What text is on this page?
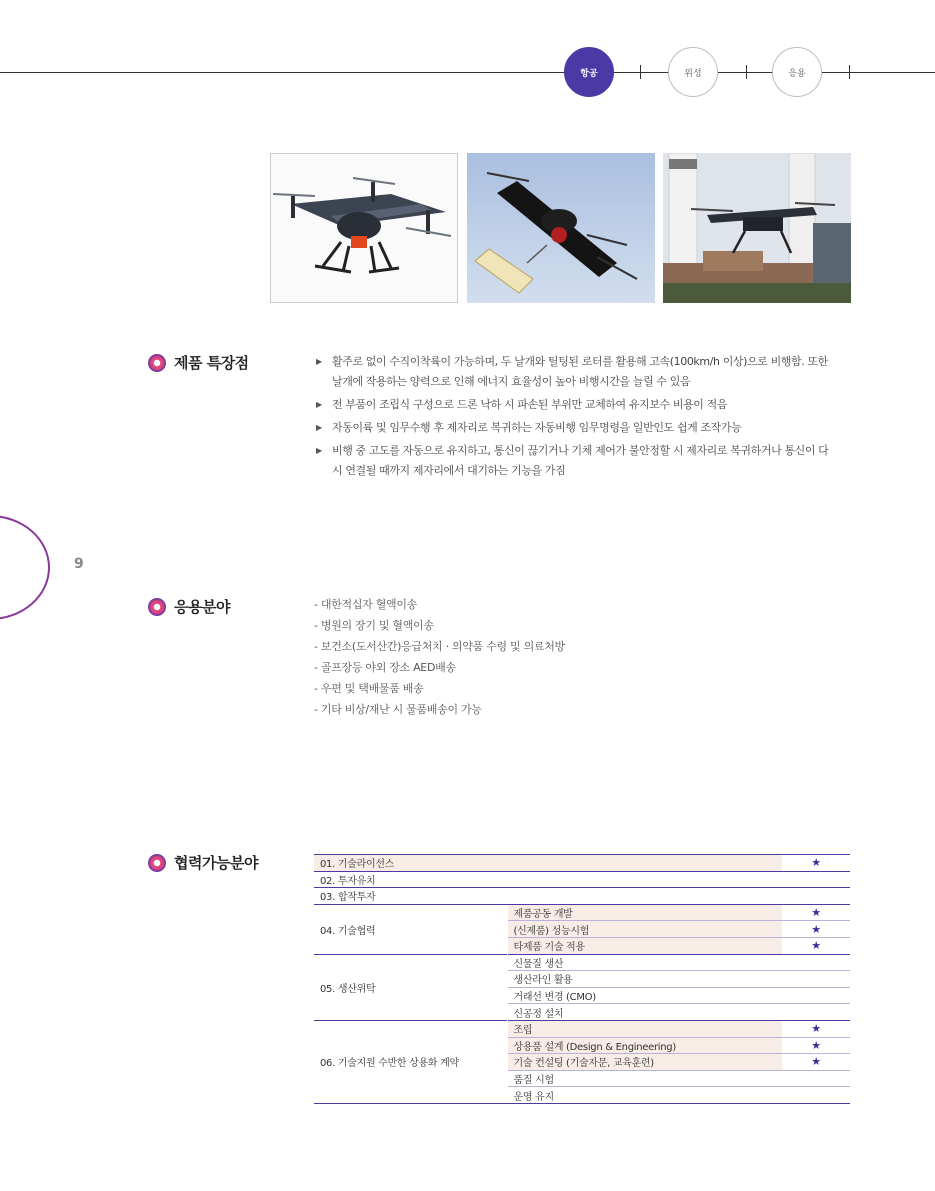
항공	위성	응용
9
제품 특장점	▶ 활주로 없이 수직이착륙이 가능하며, 두 날개와 틸팅된 로터를 활용해 고속(100km/h 이상)으로 비행함. 또한 날개에 작용하는 양력으로 인해 에너지 효율성이 높아 비행시간을 늘릴 수 있음
▶ 전 부품이 조립식 구성으로 드론 낙하 시 파손된 부위만 교체하여 유지보수 비용이 적음
▶ 자동이륙 및 임무수행 후 제자리로 복귀하는 자동비행 임무명령을 일반인도 쉽게 조작가능
▶ 비행 중 고도를 자동으로 유지하고, 통신이 끊기거나 기체 제어가 불안정할 시 제자리로 복귀하거나 통신이 다시 연결될 때까지 제자리에서 대기하는 기능을 가짐
응용분야	- 대한적십자 혈액이송
- 병원의 장기 및 혈액이송
- 보건소(도서산간)응급처치 · 의약품 수령 및 의료처방
- 골프장등 야외 장소 AED배송
- 우편 및 택배물품 배송
- 기타 비상/재난 시 물품배송이 가능
협력가능분야	01. 기술라이선스		★
02. 투자유치		
03. 합작투자		
04. 기술협력	제품공동 개발	★
	(신제품) 성능시험	★
	타제품 기술 적용	★
05. 생산위탁	신물질 생산	
	생산라인 활용	
	거래선 변경 (CMO)	
	신공정 설치	
06. 기술지원 수반한 상용화 계약	조립	★
	상용품 설계 (Design & Engineering)	★
	기술 컨설팅 (기술자문, 교육훈련)	★
	품질 시험	
	운영 유지	
